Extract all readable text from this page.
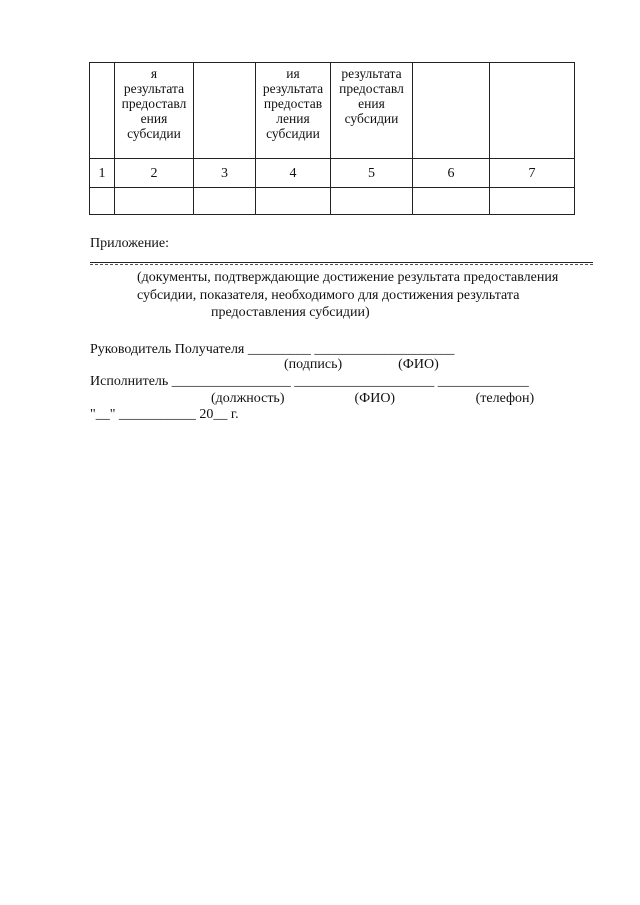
	я
результата
предоставл
ения
субсидии		ия
результата
предостав
ления
субсидии	результата
предоставл
ения
субсидии		

1	2	3	4	5	6	7

Приложение:
(документы, подтверждающие достижение результата предоставления
субсидии, показателя, необходимого для достижения результата
предоставления субсидии)
Руководитель Получателя _________ ____________________
(подпись)                (ФИО)
Исполнитель _________________ ____________________ _____________
(должность)                    (ФИО)                       (телефон)
"__" ___________ 20__ г.
